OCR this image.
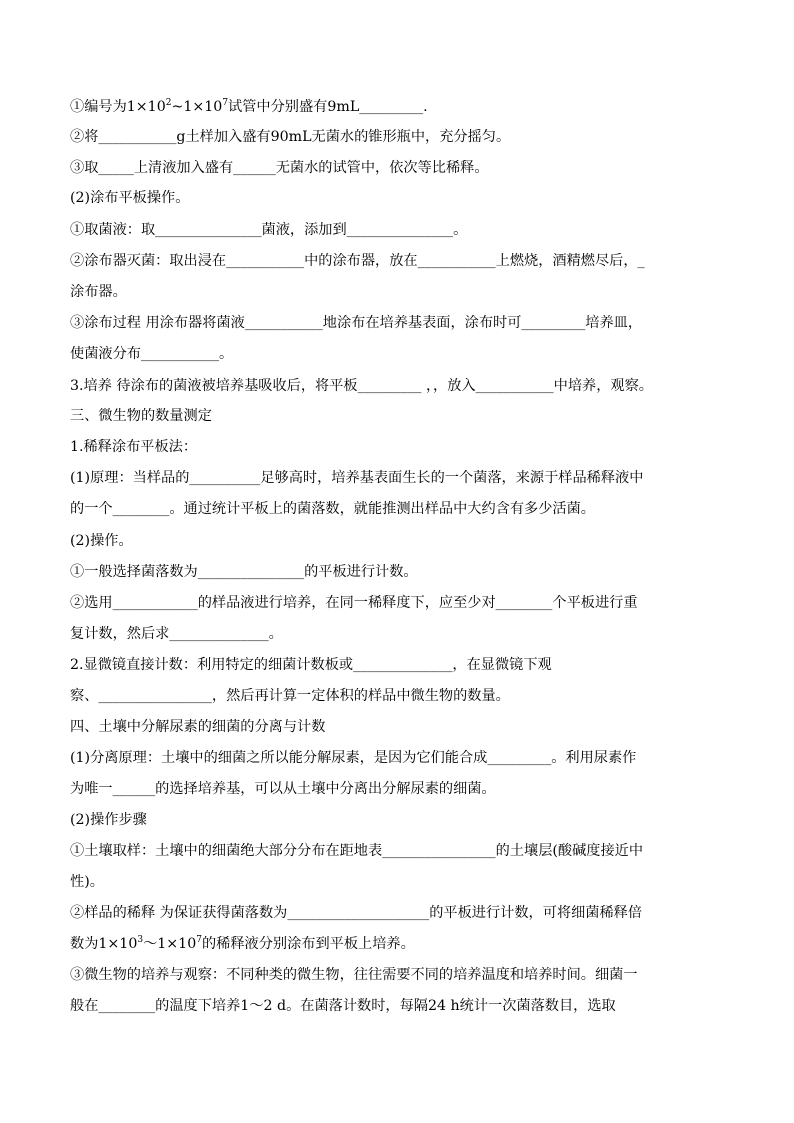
①编号为$1\times 10^2\sim 1\times 10^7$试管中分别盛有9mL_________.
②将___________g土样加入盛有90mL无菌水的锥形瓶中，充分摇匀。
③取_____上清液加入盛有______无菌水的试管中，依次等比稀释。
(2)涂布平板操作。
①取菌液：取_______________菌液，添加到_______________。
②涂布器灭菌：取出浸在___________中的涂布器，放在___________上燃烧，酒精燃尽后，_
涂布器。
③涂布过程 用涂布器将菌液___________地涂布在培养基表面，涂布时可_________培养皿，
使菌液分布___________。
3.培养 待涂布的菌液被培养基吸收后，将平板_________ ，，放入___________中培养，观察。
三、微生物的数量测定
1.稀释涂布平板法：
(1)原理：当样品的__________足够高时，培养基表面生长的一个菌落，来源于样品稀释液中
的一个________。通过统计平板上的菌落数，就能推测出样品中大约含有多少活菌。
(2)操作。
①一般选择菌落数为_______________的平板进行计数。
②选用____________的样品液进行培养，在同一稀释度下，应至少对________个平板进行重
复计数，然后求______________。
2.显微镜直接计数：利用特定的细菌计数板或______________，在显微镜下观
察、________________，然后再计算一定体积的样品中微生物的数量。
四、土壤中分解尿素的细菌的分离与计数
(1)分离原理：土壤中的细菌之所以能分解尿素，是因为它们能合成_________。利用尿素作
为唯一______的选择培养基，可以从土壤中分离出分解尿素的细菌。
(2)操作步骤
①土壤取样：土壤中的细菌绝大部分分布在距地表________________的土壤层(酸碱度接近中
性)。
②样品的稀释 为保证获得菌落数为____________________的平板进行计数，可将细菌稀释倍
数为$1\times 10^3\sim 1\times 10^7$的稀释液分别涂布到平板上培养。
③微生物的培养与观察：不同种类的微生物，往往需要不同的培养温度和培养时间。细菌一
般在________的温度下培养1～2 d。在菌落计数时，每隔24 h统计一次菌落数目，选取
